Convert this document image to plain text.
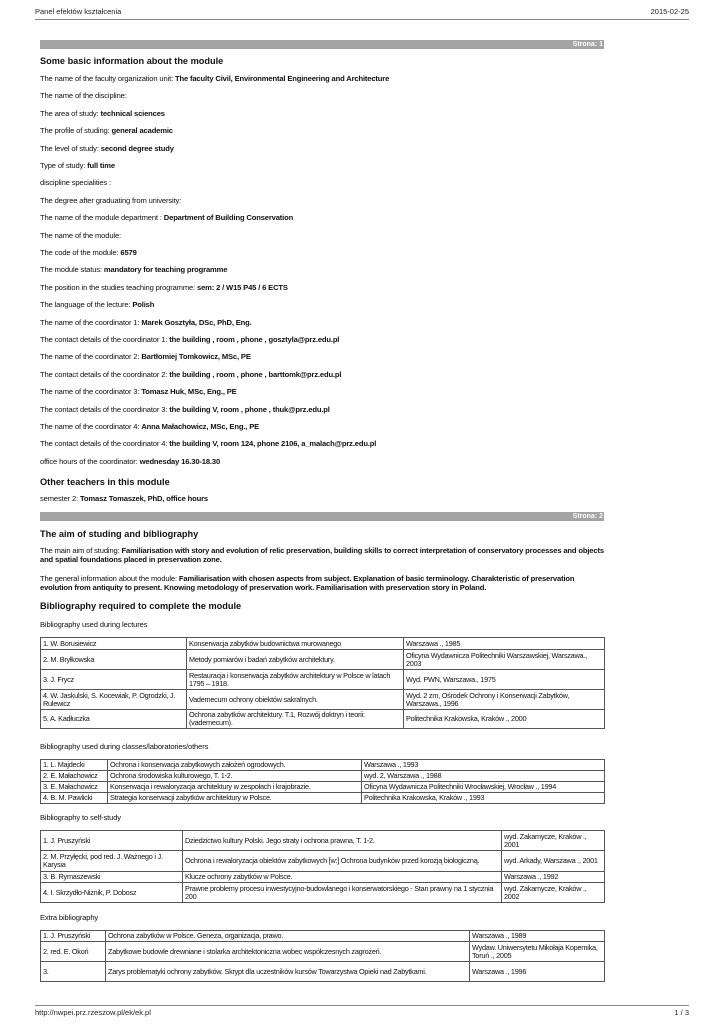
Panel efektów kształcenia	2015-02-25
Strona: 1
Some basic information about the module
The name of the faculty organization unit: The faculty Civil, Environmental Engineering and Architecture
The name of the discipline:
The area of study: technical sciences
The profile of studing: general academic
The level of study: second degree study
Type of study: full time
discipline specialities :
The degree after graduating from university:
The name of the module department : Department of Building Conservation
The name of the module:
The code of the module: 6579
The module status: mandatory for teaching programme
The position in the studies teaching programme: sem: 2 / W15 P45 / 6 ECTS
The language of the lecture: Polish
The name of the coordinator 1: Marek Gosztyła, DSc, PhD, Eng.
The contact details of the coordinator 1: the building , room , phone , gosztyla@prz.edu.pl
The name of the coordinator 2: Bartłomiej Tomkowicz, MSc, PE
The contact details of the coordinator 2: the building , room , phone , barttomk@prz.edu.pl
The name of the coordinator 3: Tomasz Huk, MSc, Eng., PE
The contact details of the coordinator 3: the building V, room , phone , thuk@prz.edu.pl
The name of the coordinator 4: Anna Małachowicz, MSc, Eng., PE
The contact details of the coordinator 4: the building V, room 124, phone 2106, a_malach@prz.edu.pl
office hours of the coordinator: wednesday 16.30-18.30
Other teachers in this module
semester 2: Tomasz Tomaszek, PhD, office hours
Strona: 2
The aim of studing and bibliography
The main aim of studing: Familiarisation with story and evolution of relic preservation, building skills to correct interpretation of conservatory processes and objects and spatial foundations placed in preservation zone.
The general information about the module: Familiarisation with chosen aspects from subject. Explanation of basic terminology. Charakteristic of preservation evolution from antiquity to present. Knowing metodology of preservation work. Familiarisation with preservation story in Poland.
Bibliography required to complete the module
Bibliography used during lectures
1. W. Borusiewicz	Konserwacja zabytków budownictwa murowanego	Warszawa ., 1985
2. M. Bryłkowska	Metody pomiarów i badań zabytków architektury.	Oficyna Wydawnicza Politechniki Warszawskiej, Warszawa., 2003
3. J. Frycz	Restauracja i konserwacja zabytków architektury w Polsce w latach 1795 – 1918.	Wyd. PWN, Warszawa., 1975
4. W. Jaskulski, S. Kocewiak, P. Ogrodzki, J. Rulewicz	Vademecum ochrony obiektów sakralnych.	Wyd. 2 zm, Ośrodek Ochrony i Konserwacji Zabytków, Warszawa., 1996
5. A. Kadłuczka	Ochrona zabytków architektury. T.1, Rozwój doktryn i teorii: (vademecum).	Politechnika Krakowska, Kraków ., 2000
Bibliography used during classes/laboratories/others
1. L. Majdecki	Ochrona i konserwacja zabytkowych założeń ogrodowych.	Warszawa ., 1993
2. E. Małachowicz	Ochrona środowiska kulturowego, T. 1-2.	wyd. 2, Warszawa ., 1988
3. E. Małachowicz	Konserwacja i rewaloryzacja architektury w zespołach i krajobrazie.	Oficyna Wydawnicza Politechniki Wrocławskiej, Wrocław ., 1994
4. B. M. Pawlicki	Strategia konserwacji zabytków architektury w Polsce.	Politechnika Krakowska, Kraków ., 1993
Bibliography to self-study
1. J. Pruszyński	Dziedzictwo kultury Polski. Jego straty i ochrona prawna, T. 1-2.	wyd. Zakamycze, Kraków ., 2001
2. M. Przyłęcki, pod red. J. Ważnego i J. Karysia	Ochrona i rewaloryzacja obiektów zabytkowych [w:] Ochrona budynków przed korozją biologiczną.	wyd. Arkady, Warszawa ., 2001
3. B. Rymaszewski	Klucze ochrony zabytków w Polsce.	Warszawa ., 1992
4. I. Skrzydło-Niżnik, P. Dobosz	Prawne problemy procesu inwestycyjno-budowlanego i konserwatorskiego - Stan prawny na 1 stycznia 200	wyd. Zakamycze, Kraków ., 2002
Extra bibliography
1. J. Pruszyński	Ochrona zabytków w Polsce. Geneza, organizacja, prawo.	Warszawa ., 1989
2. red. E. Okoń	Zabytkowe budowle drewniane i stolarka architektoniczna wobec współczesnych zagrożeń.	Wydaw. Uniwersytetu Mikołaja Kopernika, Toruń ., 2005
3.	Zarys problematyki ochrony zabytków. Skrypt dla uczestników kursów Towarzystwa Opieki nad Zabytkami.	Warszawa ., 1996
http://nwpei.prz.rzeszow.pl/ek/ek.pl	1 / 3
